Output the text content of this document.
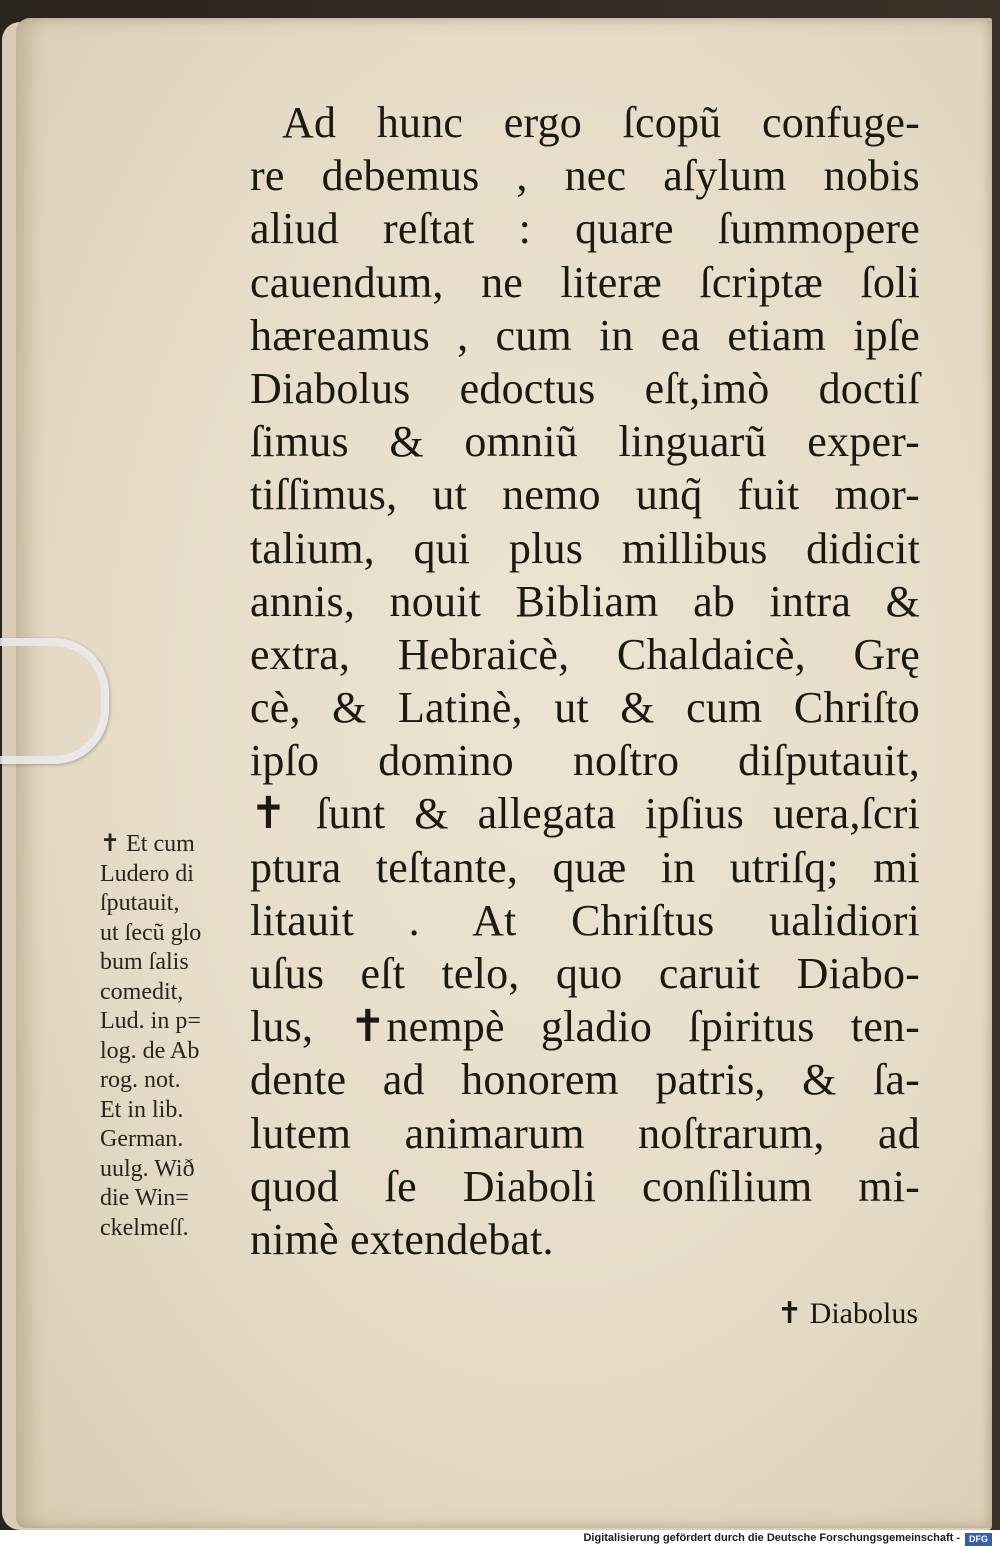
Ad hunc ergo ſcopũ confuge-
re debemus , nec aſylum nobis
aliud reſtat : quare ſummopere
cauendum, ne literæ ſcriptæ ſoli
hæreamus , cum in ea etiam ipſe
Diabolus edoctus eſt,imò doctiſ
ſimus & omniũ linguarũ exper-
tiſſimus, ut nemo unq̃ fuit mor-
talium, qui plus millibus didicit
annis, nouit Bibliam ab intra &
extra, Hebraicè, Chaldaicè, Grę
cè, & Latinè, ut & cum Chriſto
ipſo domino noſtro diſputauit,
✝ ſunt & allegata ipſius uera,ſcri
ptura teſtante, quæ in utriſq; mi
litauit . At Chriſtus ualidiori
uſus eſt telo, quo caruit Diabo-
lus, ✝nempè gladio ſpiritus ten-
dente ad honorem patris, & ſa-
lutem animarum noſtrarum, ad
quod ſe Diaboli conſilium mi-
nimè extendebat.
✝ Et cum
Ludero di
ſputauit,
ut ſecũ glo
bum ſalis
comedit,
Lud. in p=
log. de Ab
rog. not.
Et in lib.
German.
uulg. Wið
die Win=
ckelmeſſ.
✝ Diabolus
Digitalisierung gefördert durch die Deutsche Forschungsgemeinschaft -	DFG
